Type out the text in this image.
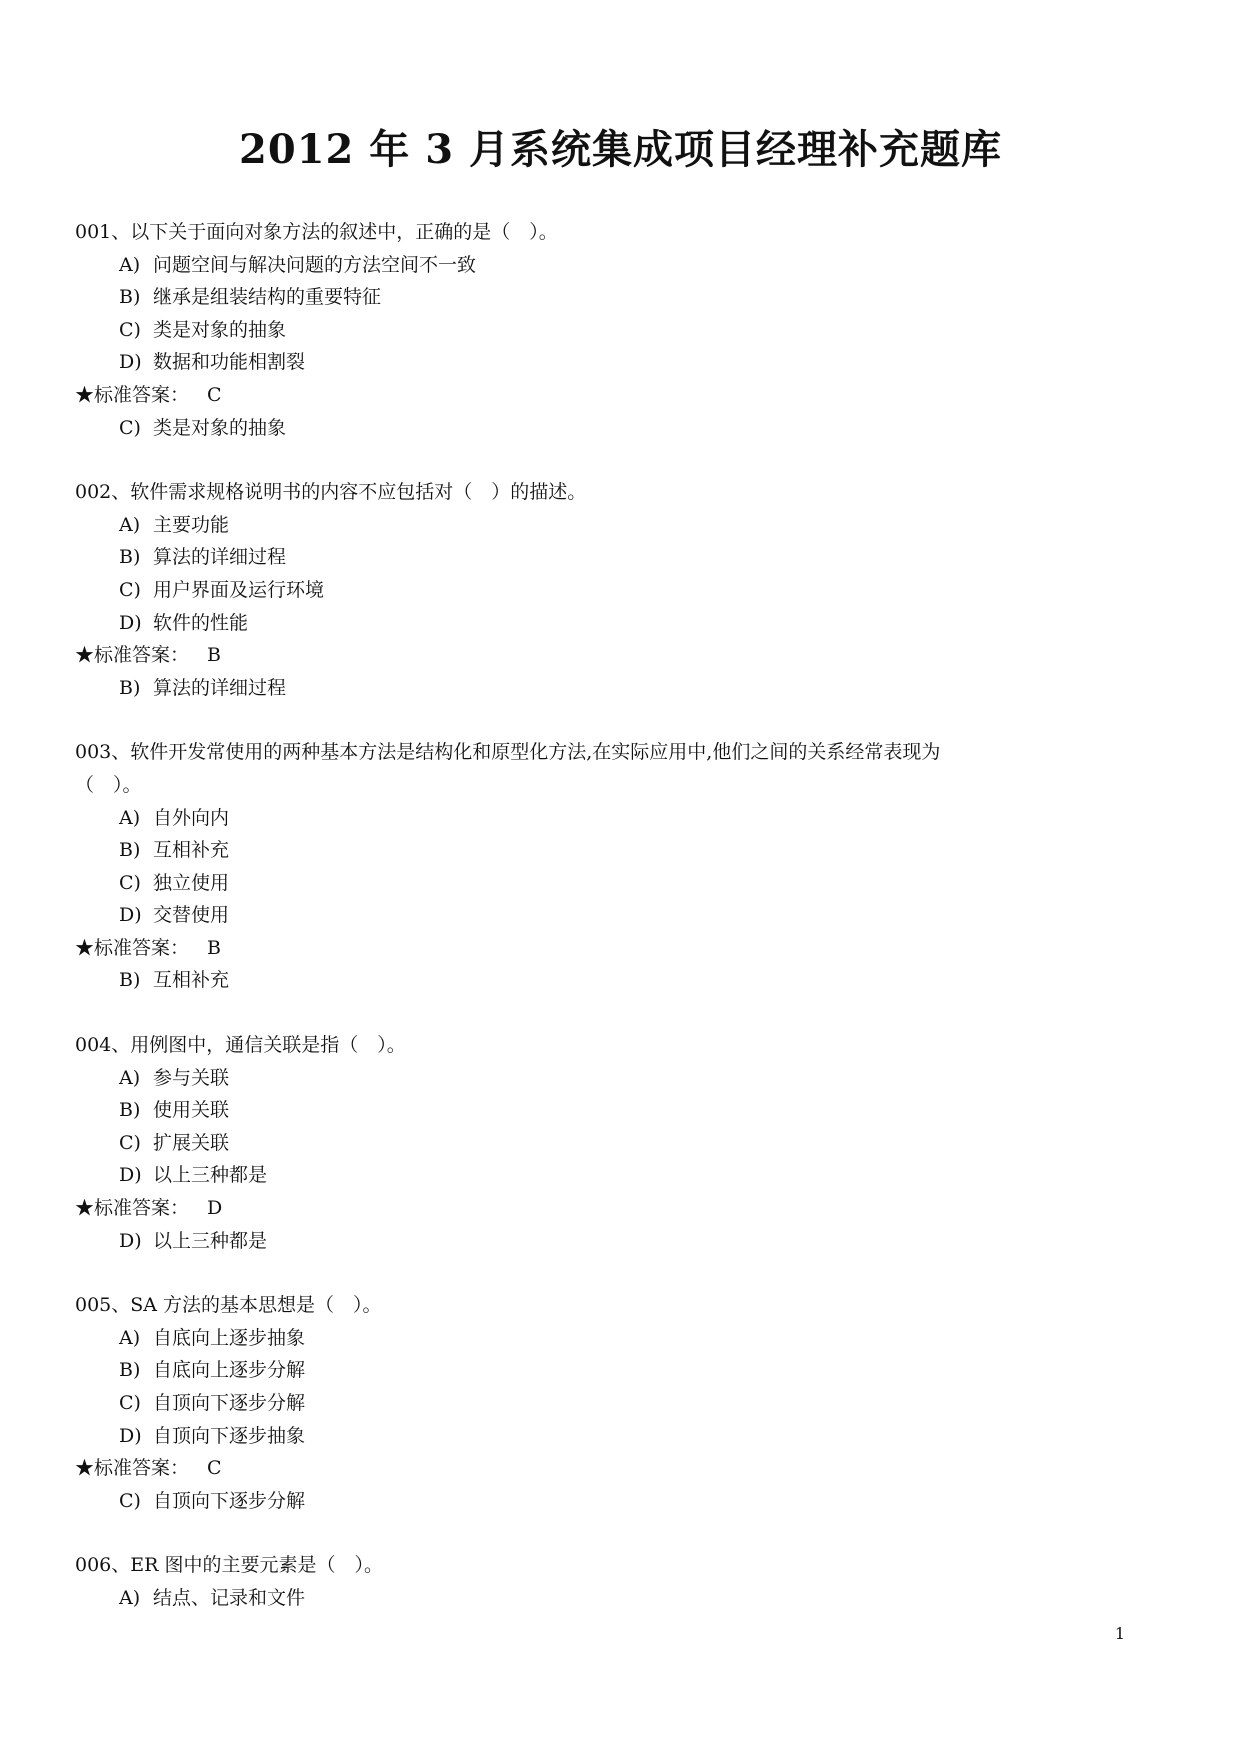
2012 年 3 月系统集成项目经理补充题库
001、以下关于面向对象方法的叙述中，正确的是（　）。
A) 问题空间与解决问题的方法空间不一致
B) 继承是组装结构的重要特征
C) 类是对象的抽象
D) 数据和功能相割裂
★标准答案： C
C) 类是对象的抽象
002、软件需求规格说明书的内容不应包括对（　）的描述。
A) 主要功能
B) 算法的详细过程
C) 用户界面及运行环境
D) 软件的性能
★标准答案： B
B) 算法的详细过程
003、软件开发常使用的两种基本方法是结构化和原型化方法,在实际应用中,他们之间的关系经常表现为（　）。
A) 自外向内
B) 互相补充
C) 独立使用
D) 交替使用
★标准答案： B
B) 互相补充
004、用例图中，通信关联是指（　）。
A) 参与关联
B) 使用关联
C) 扩展关联
D) 以上三种都是
★标准答案： D
D) 以上三种都是
005、SA 方法的基本思想是（　）。
A) 自底向上逐步抽象
B) 自底向上逐步分解
C) 自顶向下逐步分解
D) 自顶向下逐步抽象
★标准答案： C
C) 自顶向下逐步分解
006、ER 图中的主要元素是（　）。
A) 结点、记录和文件
1
